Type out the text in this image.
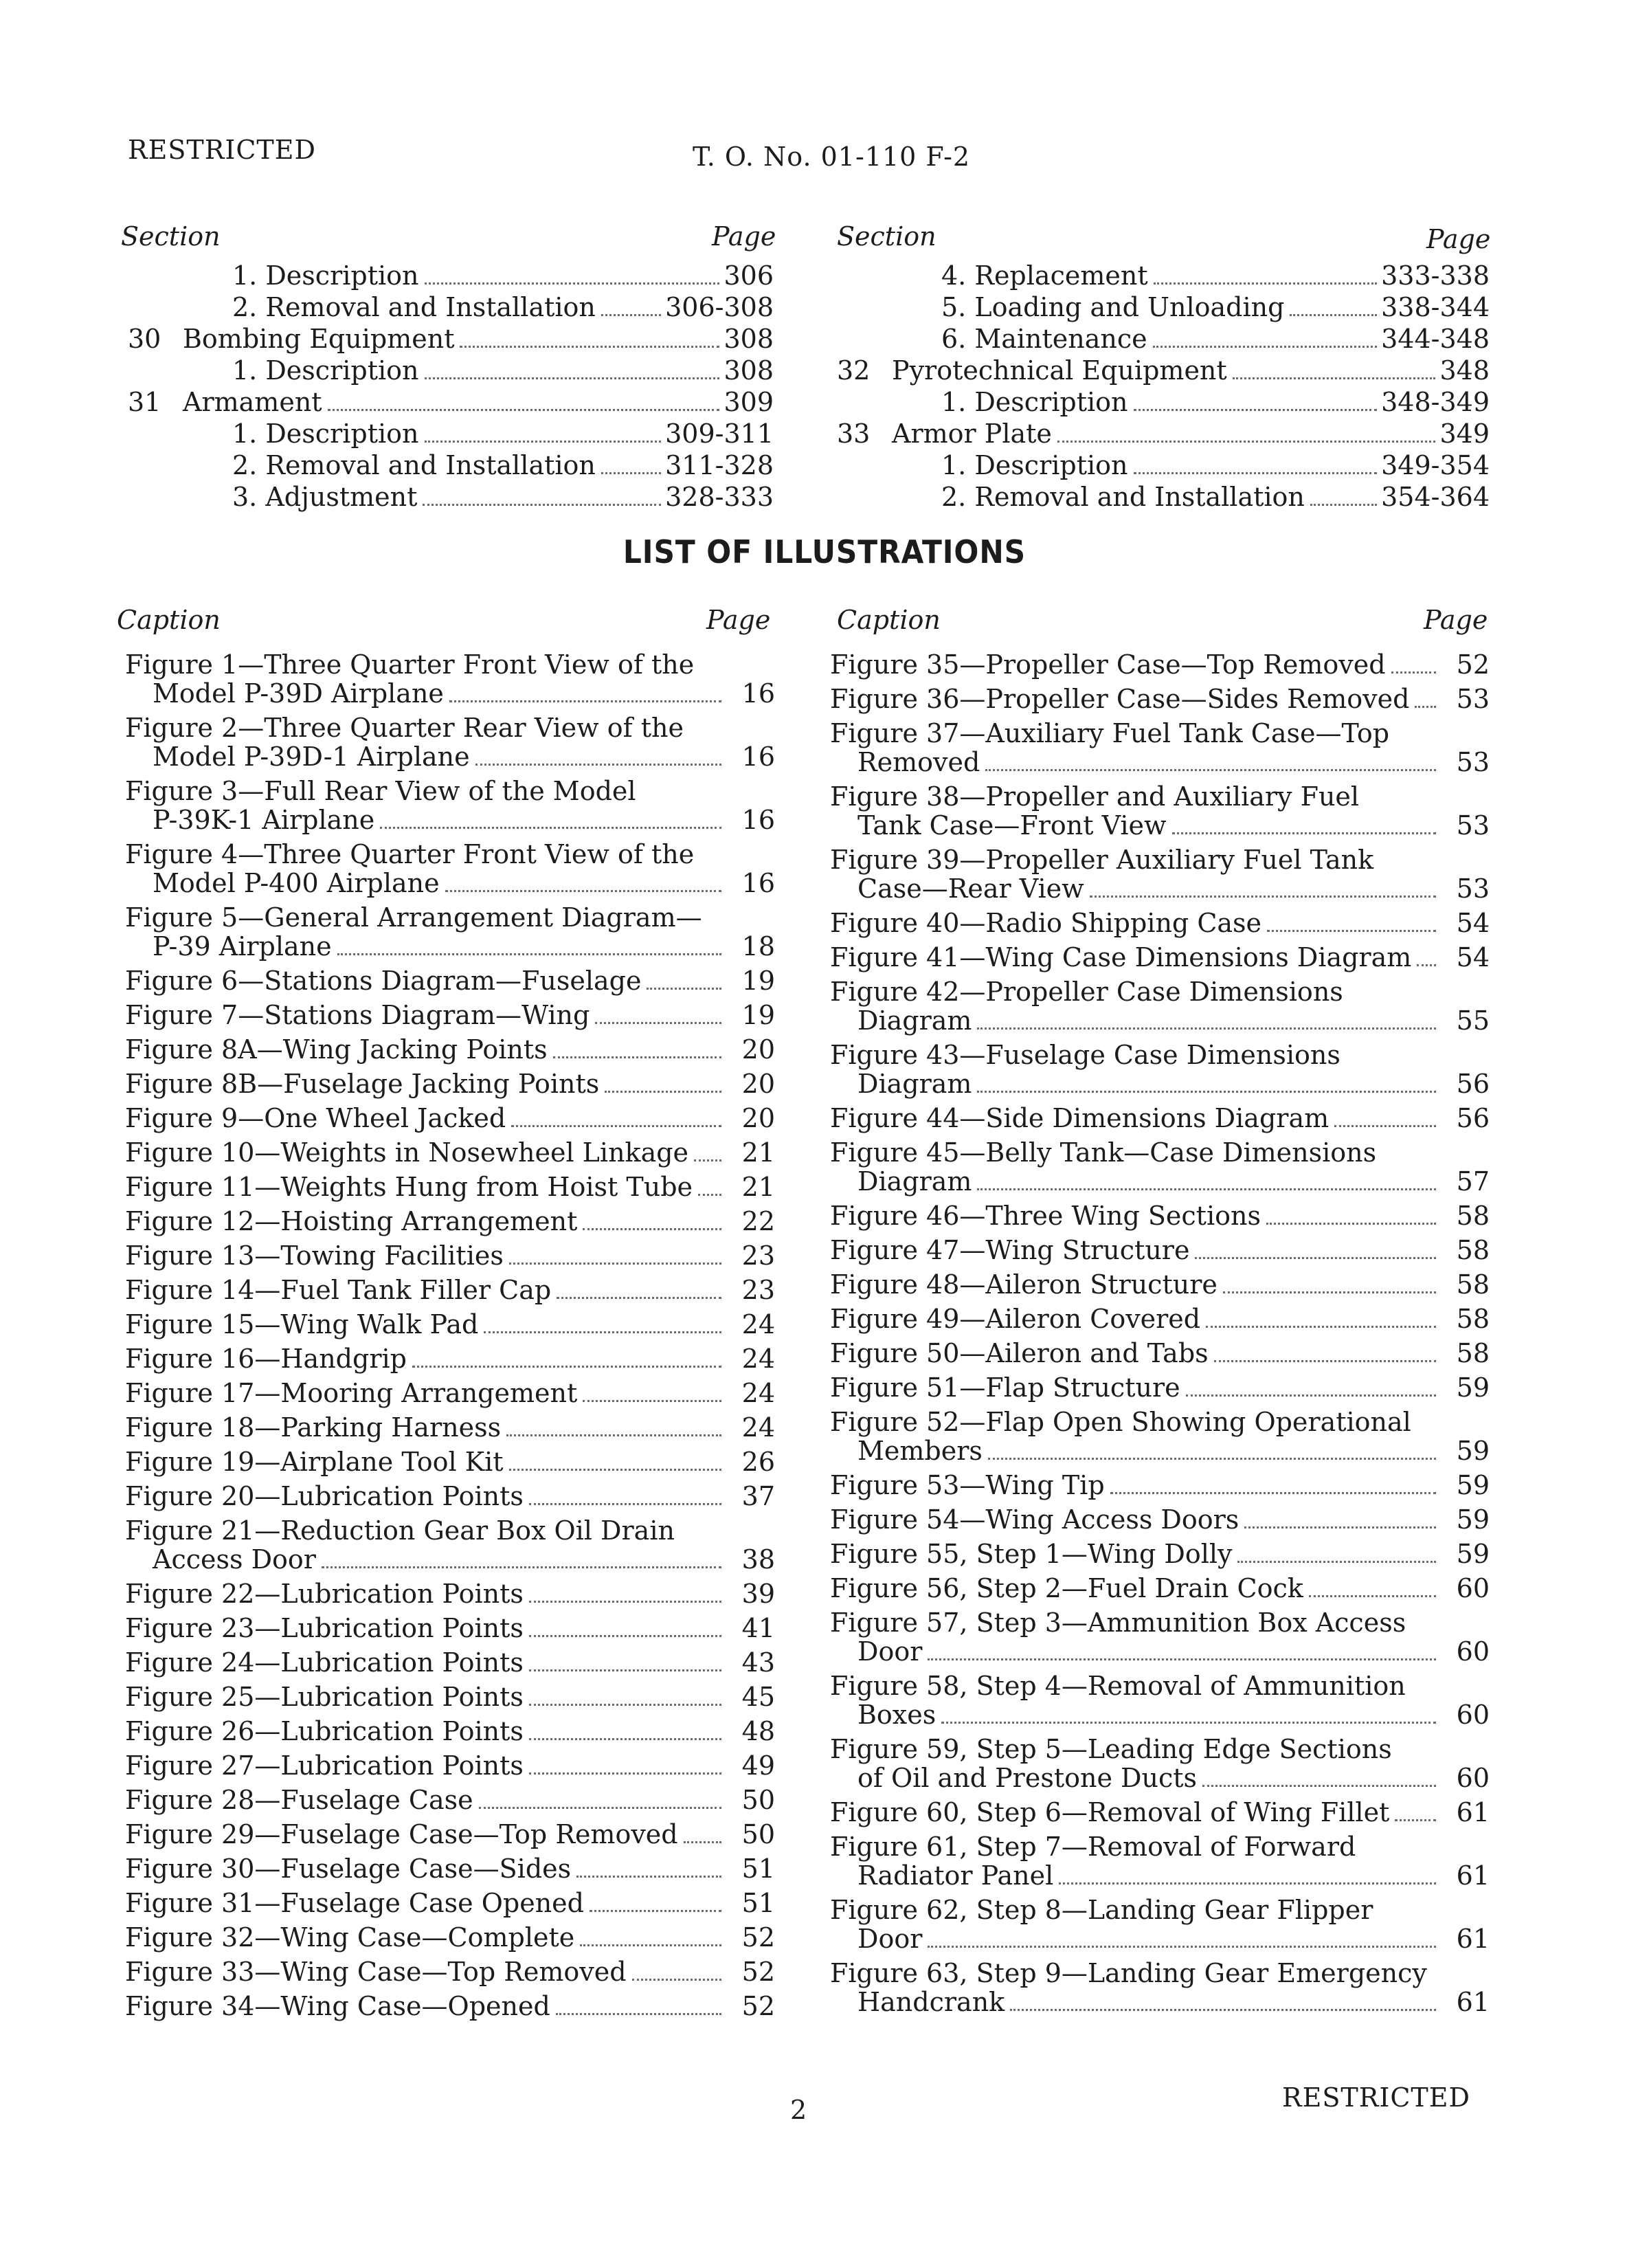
RESTRICTED	T. O. No. 01-110 F-2
Section	Page
1. Description	306
2. Removal and Installation	306-308
30 Bombing Equipment	308
1. Description	308
31 Armament	309
1. Description	309-311
2. Removal and Installation	311-328
3. Adjustment	328-333
Section	Page
4. Replacement	333-338
5. Loading and Unloading	338-344
6. Maintenance	344-348
32 Pyrotechnical Equipment	348
1. Description	348-349
33 Armor Plate	349
1. Description	349-354
2. Removal and Installation	354-364
LIST OF ILLUSTRATIONS
Caption	Page	Caption	Page
Figure 1—Three Quarter Front View of the
Model P-39D Airplane	16
Figure 2—Three Quarter Rear View of the
Model P-39D-1 Airplane	16
Figure 3—Full Rear View of the Model
P-39K-1 Airplane	16
Figure 4—Three Quarter Front View of the
Model P-400 Airplane	16
Figure 5—General Arrangement Diagram—
P-39 Airplane	18
Figure 6—Stations Diagram—Fuselage	19
Figure 7—Stations Diagram—Wing	19
Figure 8A—Wing Jacking Points	20
Figure 8B—Fuselage Jacking Points	20
Figure 9—One Wheel Jacked	20
Figure 10—Weights in Nosewheel Linkage	21
Figure 11—Weights Hung from Hoist Tube	21
Figure 12—Hoisting Arrangement	22
Figure 13—Towing Facilities	23
Figure 14—Fuel Tank Filler Cap	23
Figure 15—Wing Walk Pad	24
Figure 16—Handgrip	24
Figure 17—Mooring Arrangement	24
Figure 18—Parking Harness	24
Figure 19—Airplane Tool Kit	26
Figure 20—Lubrication Points	37
Figure 21—Reduction Gear Box Oil Drain
Access Door	38
Figure 22—Lubrication Points	39
Figure 23—Lubrication Points	41
Figure 24—Lubrication Points	43
Figure 25—Lubrication Points	45
Figure 26—Lubrication Points	48
Figure 27—Lubrication Points	49
Figure 28—Fuselage Case	50
Figure 29—Fuselage Case—Top Removed	50
Figure 30—Fuselage Case—Sides	51
Figure 31—Fuselage Case Opened	51
Figure 32—Wing Case—Complete	52
Figure 33—Wing Case—Top Removed	52
Figure 34—Wing Case—Opened	52
Figure 35—Propeller Case—Top Removed	52
Figure 36—Propeller Case—Sides Removed	53
Figure 37—Auxiliary Fuel Tank Case—Top
Removed	53
Figure 38—Propeller and Auxiliary Fuel
Tank Case—Front View	53
Figure 39—Propeller Auxiliary Fuel Tank
Case—Rear View	53
Figure 40—Radio Shipping Case	54
Figure 41—Wing Case Dimensions Diagram	54
Figure 42—Propeller Case Dimensions
Diagram	55
Figure 43—Fuselage Case Dimensions
Diagram	56
Figure 44—Side Dimensions Diagram	56
Figure 45—Belly Tank—Case Dimensions
Diagram	57
Figure 46—Three Wing Sections	58
Figure 47—Wing Structure	58
Figure 48—Aileron Structure	58
Figure 49—Aileron Covered	58
Figure 50—Aileron and Tabs	58
Figure 51—Flap Structure	59
Figure 52—Flap Open Showing Operational
Members	59
Figure 53—Wing Tip	59
Figure 54—Wing Access Doors	59
Figure 55, Step 1—Wing Dolly	59
Figure 56, Step 2—Fuel Drain Cock	60
Figure 57, Step 3—Ammunition Box Access
Door	60
Figure 58, Step 4—Removal of Ammunition
Boxes	60
Figure 59, Step 5—Leading Edge Sections
of Oil and Prestone Ducts	60
Figure 60, Step 6—Removal of Wing Fillet	61
Figure 61, Step 7—Removal of Forward
Radiator Panel	61
Figure 62, Step 8—Landing Gear Flipper
Door	61
Figure 63, Step 9—Landing Gear Emergency
Handcrank	61
2	RESTRICTED
